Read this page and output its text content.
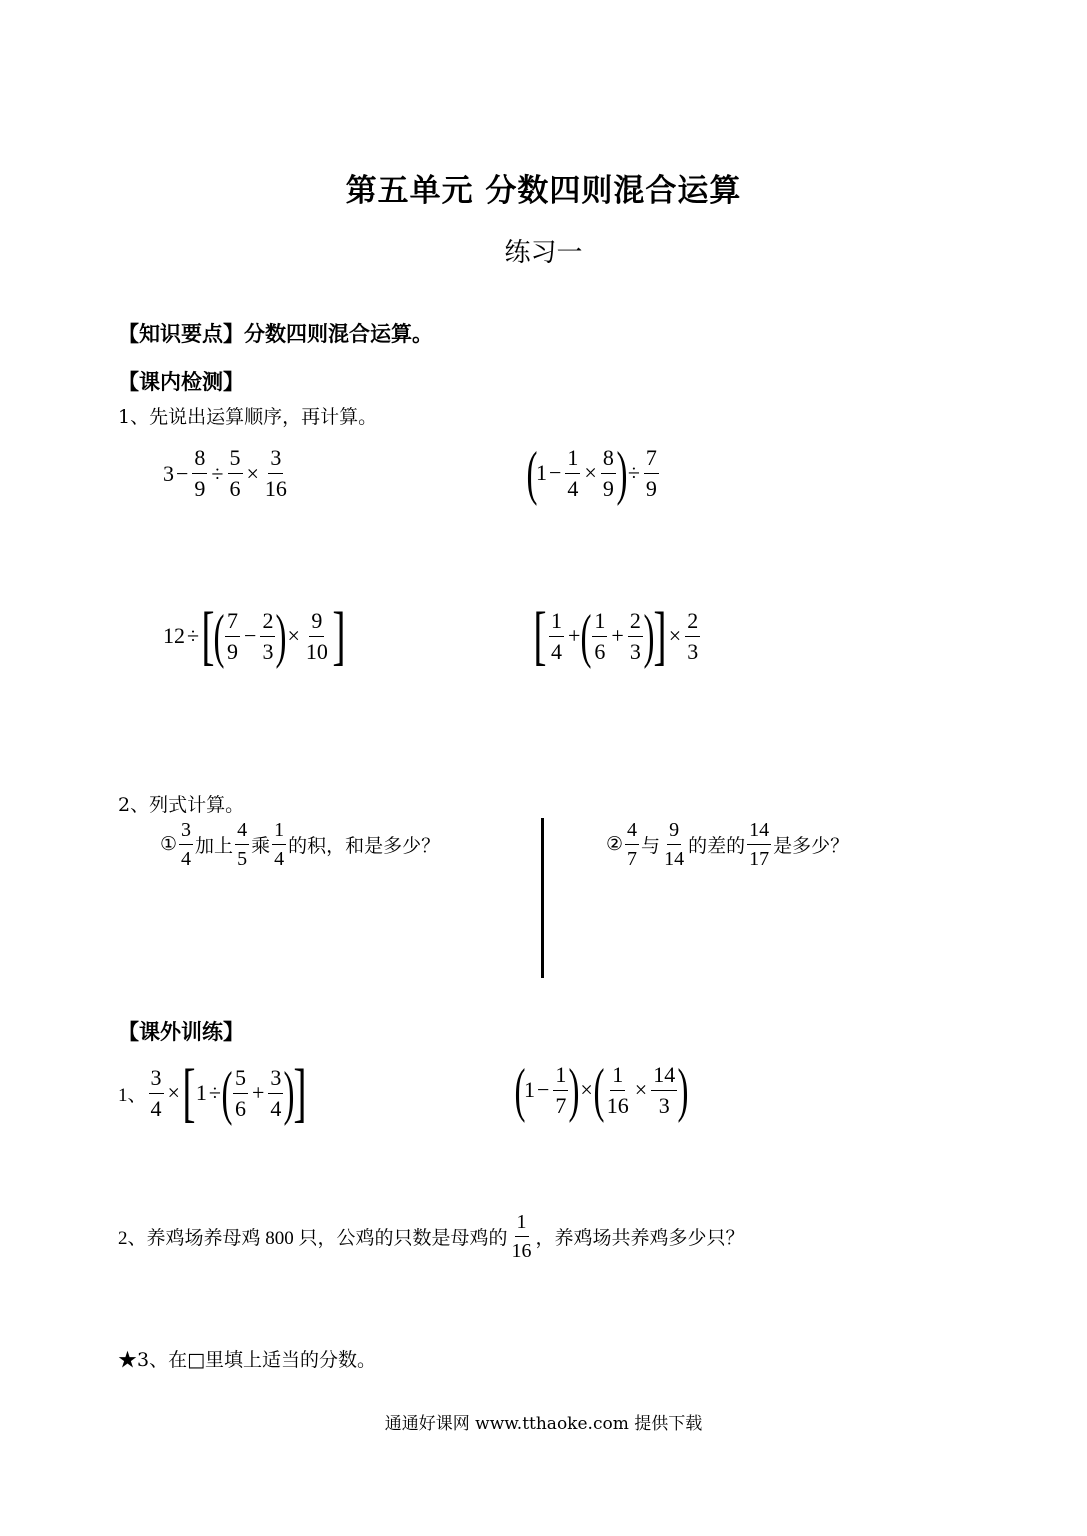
第五单元 分数四则混合运算
练习一
【知识要点】分数四则混合运算。
【课内检测】
1、先说出运算顺序，再计算。
$3 - \frac{8}{9} \div \frac{5}{6} \times \frac{3}{16}$	(
$1 - \frac{1}{4} \times \frac{8}{9}$ ) ÷ $\frac{7}{9}$
12 ÷ [
( $\frac{7}{9} - \frac{2}{3}$ ) × $\frac{9}{10}$ ]	[ $\frac{1}{4}$ + ( $\frac{1}{6} + \frac{2}{3}$ )
] × $\frac{2}{3}$
2、列式计算。
① $\frac{3}{4}$ 加上 $\frac{4}{5}$ 乘 $\frac{1}{4}$ 的积，和是多少？	② $\frac{4}{7}$ 与 $\frac{9}{14}$ 的差的 $\frac{14}{17}$ 是多少？
【课外训练】
1、 $\frac{3}{4}$ × [ 1 ÷ ( $\frac{5}{6} + \frac{3}{4}$ )
]	(
$1 - \frac{1}{7}$ ) × ( $\frac{1}{16} \times \frac{14}{3}$ )
2、养鸡场养母鸡 800 只，公鸡的只数是母鸡的 $\frac{1}{16}$ ，养鸡场共养鸡多少只？
★3、在□里填上适当的分数。
通通好课网 www.tthaoke.com 提供下载
